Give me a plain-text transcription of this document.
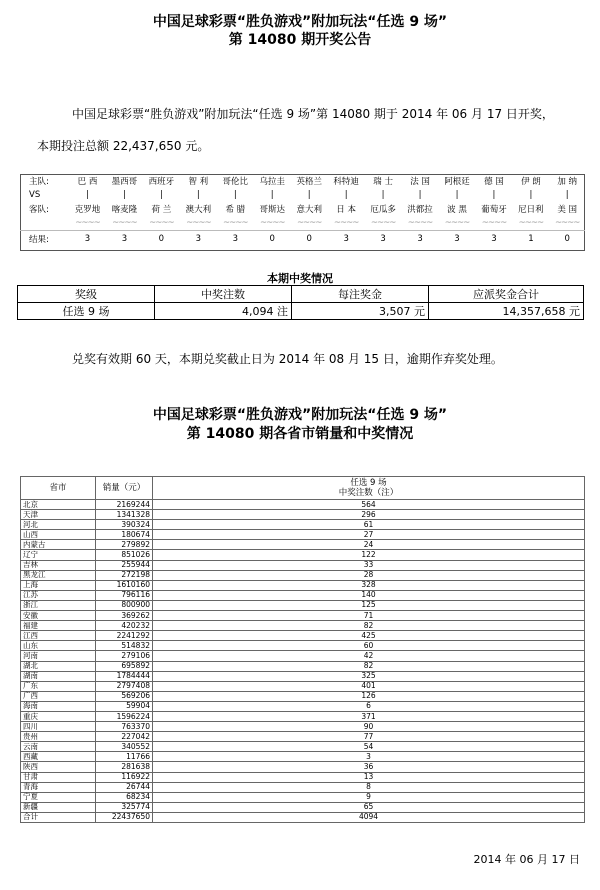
中国足球彩票“胜负游戏”附加玩法“任选 9 场”
第 14080 期开奖公告
中国足球彩票“胜负游戏”附加玩法“任选 9 场”第 14080 期于 2014 年 06 月 17 日开奖，
本期投注总额 22,437,650 元。
主队:	巴 西	墨西哥	西班牙	智 利	哥伦比	乌拉圭	英格兰	科特迪	瑞 士	法 国	阿根廷	德 国	伊 朗	加 纳
VS	|	|	|	|	|	|	|	|	|	|	|	|	|	|
客队:	克罗地	喀麦隆	荷 兰	澳大利	希 腊	哥斯达	意大利	日 本	厄瓜多	洪都拉	波 黑	葡萄牙	尼日利	美 国
	~~~~	~~~~	~~~~	~~~~	~~~~	~~~~	~~~~	~~~~	~~~~	~~~~	~~~~	~~~~	~~~~	~~~~

结果:	3	3	0	3	3	0	0	3	3	3	3	3	1	0
本期中奖情况
奖级	中奖注数	每注奖金	应派奖金合计
任选 9 场	4,094 注	3,507 元	14,357,658 元
兑奖有效期 60 天，本期兑奖截止日为 2014 年 08 月 15 日，逾期作弃奖处理。
中国足球彩票“胜负游戏”附加玩法“任选 9 场”
第 14080 期各省市销量和中奖情况
省市	销量（元）	任选 9 场
中奖注数（注）

北京	2169244	564
天津	1341328	296
河北	390324	61
山西	180674	27
内蒙古	279892	24
辽宁	851026	122
吉林	255944	33
黑龙江	272198	28
上海	1610160	328
江苏	796116	140
浙江	800900	125
安徽	369262	71
福建	420232	82
江西	2241292	425
山东	514832	60
河南	279106	42
湖北	695892	82
湖南	1784444	325
广东	2797408	401
广西	569206	126
海南	59904	6
重庆	1596224	371
四川	763370	90
贵州	227042	77
云南	340552	54
西藏	11766	3
陕西	281638	36
甘肃	116922	13
青海	26744	8
宁夏	68234	9
新疆	325774	65
合计	22437650	4094
2014 年 06 月 17 日
